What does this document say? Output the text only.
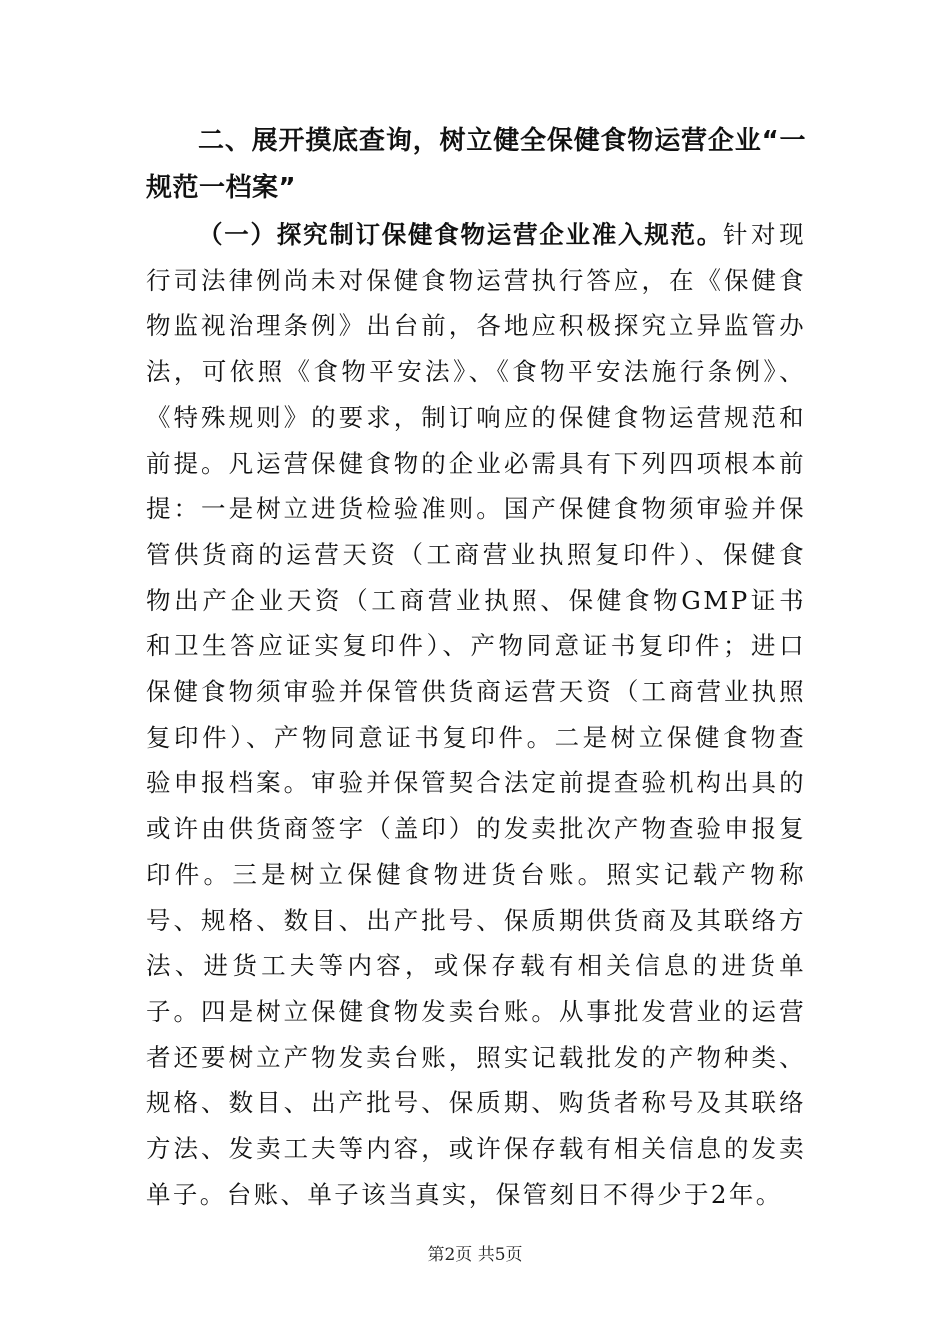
二、展开摸底查询，树立健全保健食物运营企业“一规范一档案”

（一）探究制订保健食物运营企业准入规范。针对现行司法律例尚未对保健食物运营执行答应，在《保健食物监视治理条例》出台前，各地应积极探究立异监管办法，可依照《食物平安法》、《食物平安法施行条例》、《特殊规则》的要求，制订响应的保健食物运营规范和前提。凡运营保健食物的企业必需具有下列四项根本前提：一是树立进货检验准则。国产保健食物须审验并保管供货商的运营天资（工商营业执照复印件）、保健食物出产企业天资（工商营业执照、保健食物GMP证书和卫生答应证实复印件）、产物同意证书复印件；进口保健食物须审验并保管供货商运营天资（工商营业执照复印件）、产物同意证书复印件。二是树立保健食物查验申报档案。审验并保管契合法定前提查验机构出具的或许由供货商签字（盖印）的发卖批次产物查验申报复印件。三是树立保健食物进货台账。照实记载产物称号、规格、数目、出产批号、保质期供货商及其联络方法、进货工夫等内容，或保存载有相关信息的进货单子。四是树立保健食物发卖台账。从事批发营业的运营者还要树立产物发卖台账，照实记载批发的产物种类、规格、数目、出产批号、保质期、购货者称号及其联络方法、发卖工夫等内容，或许保存载有相关信息的发卖单子。台账、单子该当真实，保管刻日不得少于2年。

第2页 共5页
